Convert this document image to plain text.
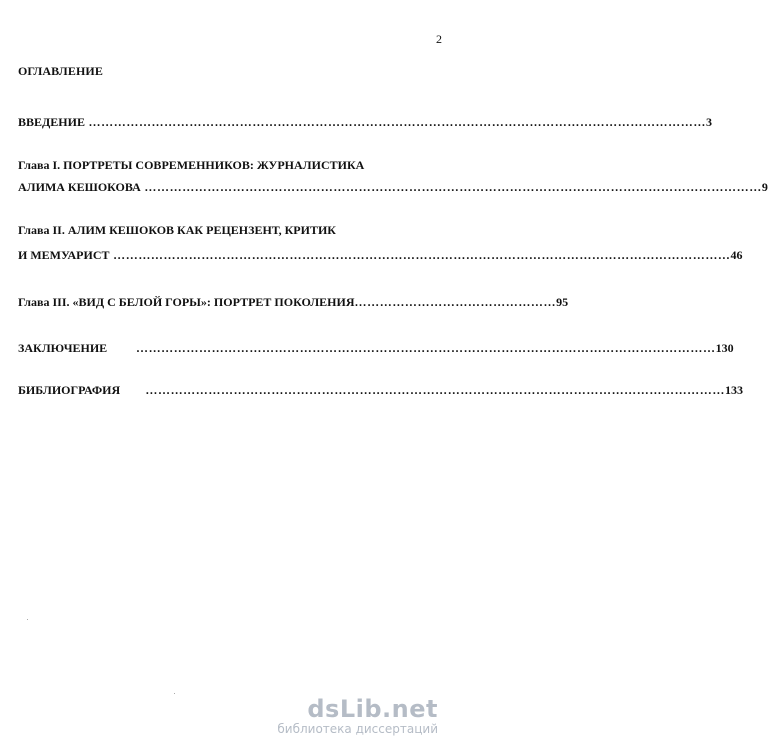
2
ОГЛАВЛЕНИЕ
ВВЕДЕНИЕ ………………………………………………………………………………………………………………………………… 3
Глава I. ПОРТРЕТЫ СОВРЕМЕННИКОВ: ЖУРНАЛИСТИКА
АЛИМА КЕШОКОВА ………………………………………………………………………………………………………………………………… 9
Глава II. АЛИМ КЕШОКОВ КАК РЕЦЕНЗЕНТ, КРИТИК
И МЕМУАРИСТ ………………………………………………………………………………………………………………………………… 46
Глава III. «ВИД С БЕЛОЙ ГОРЫ»: ПОРТРЕТ ПОКОЛЕНИЯ ………………………………………… 95
ЗАКЛЮЧЕНИЕ ………………………………………………………………………………………………………………………… 130
БИБЛИОГРАФИЯ ………………………………………………………………………………………………………………………… 133
dsLib.net
библиотека диссертаций
